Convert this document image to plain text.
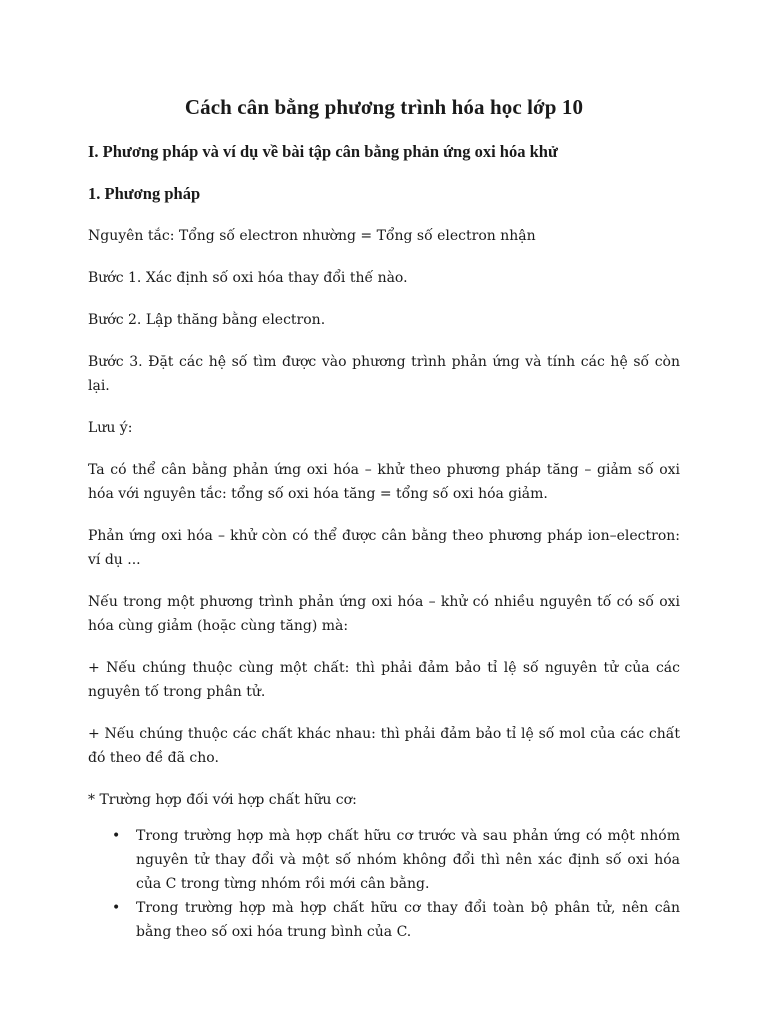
Cách cân bằng phương trình hóa học lớp 10
I. Phương pháp và ví dụ về bài tập cân bằng phản ứng oxi hóa khử
1. Phương pháp

Nguyên tắc: Tổng số electron nhường = Tổng số electron nhận

Bước 1. Xác định số oxi hóa thay đổi thế nào.

Bước 2. Lập thăng bằng electron.

Bước 3. Đặt các hệ số tìm được vào phương trình phản ứng và tính các hệ số còn lại.

Lưu ý:

Ta có thể cân bằng phản ứng oxi hóa – khử theo phương pháp tăng – giảm số oxi hóa với nguyên tắc: tổng số oxi hóa tăng = tổng số oxi hóa giảm.

Phản ứng oxi hóa – khử còn có thể được cân bằng theo phương pháp ion–electron: ví dụ ...

Nếu trong một phương trình phản ứng oxi hóa – khử có nhiều nguyên tố có số oxi hóa cùng giảm (hoặc cùng tăng) mà:

+ Nếu chúng thuộc cùng một chất: thì phải đảm bảo tỉ lệ số nguyên tử của các nguyên tố trong phân tử.

+ Nếu chúng thuộc các chất khác nhau: thì phải đảm bảo tỉ lệ số mol của các chất đó theo đề đã cho.

* Trường hợp đối với hợp chất hữu cơ:

• Trong trường hợp mà hợp chất hữu cơ trước và sau phản ứng có một nhóm nguyên tử thay đổi và một số nhóm không đổi thì nên xác định số oxi hóa của C trong từng nhóm rồi mới cân bằng.
• Trong trường hợp mà hợp chất hữu cơ thay đổi toàn bộ phân tử, nên cân bằng theo số oxi hóa trung bình của C.
